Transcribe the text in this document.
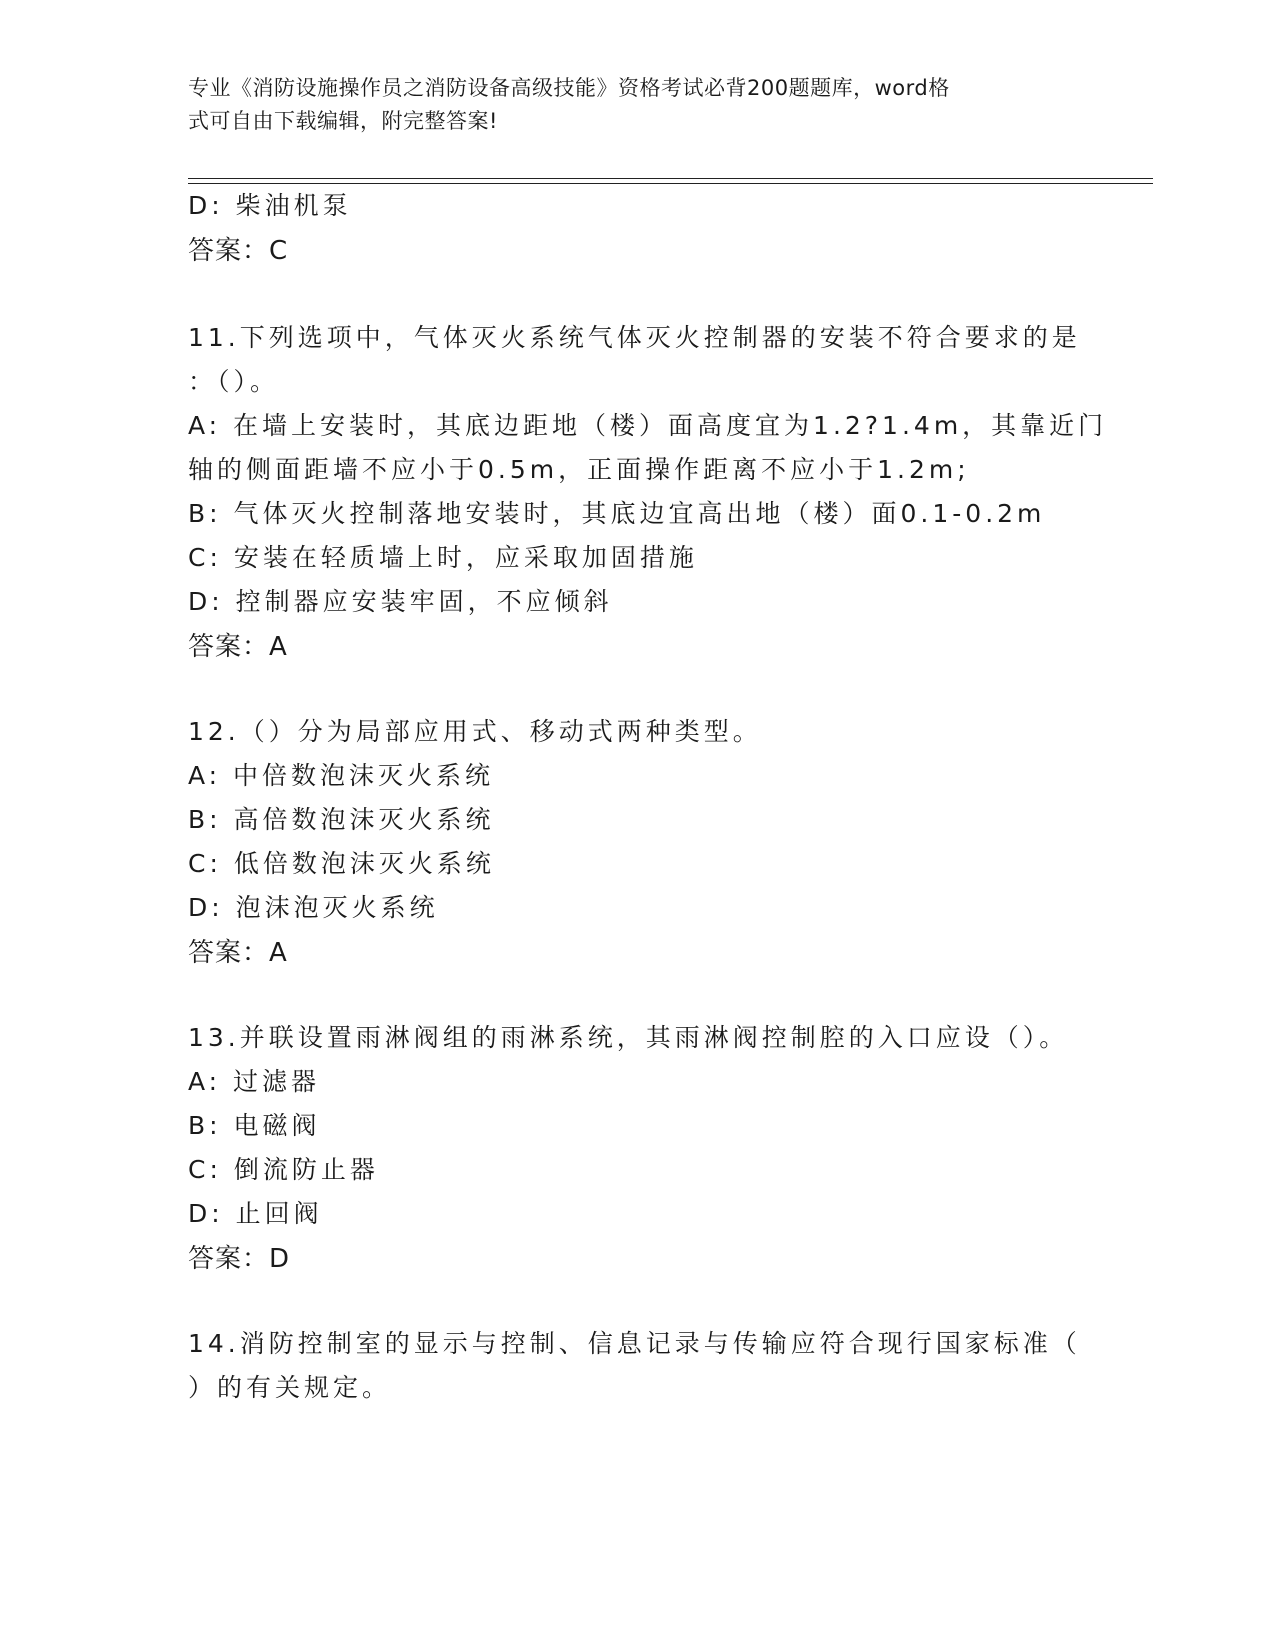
专业《消防设施操作员之消防设备高级技能》资格考试必背200题题库，word格
式可自由下载编辑，附完整答案!
D: 柴油机泵
答案：C
11.下列选项中，气体灭火系统气体灭火控制器的安装不符合要求的是
：（）。
A: 在墙上安装时，其底边距地（楼）面高度宜为1.2?1.4m，其靠近门
轴的侧面距墙不应小于0.5m，正面操作距离不应小于1.2m;
B: 气体灭火控制落地安装时，其底边宜高出地（楼）面0.1-0.2m
C: 安装在轻质墙上时，应采取加固措施
D: 控制器应安装牢固，不应倾斜
答案：A
12.（）分为局部应用式、移动式两种类型。
A: 中倍数泡沫灭火系统
B: 高倍数泡沫灭火系统
C: 低倍数泡沫灭火系统
D: 泡沫泡灭火系统
答案：A
13.并联设置雨淋阀组的雨淋系统，其雨淋阀控制腔的入口应设（）。
A: 过滤器
B: 电磁阀
C: 倒流防止器
D: 止回阀
答案：D
14.消防控制室的显示与控制、信息记录与传输应符合现行国家标准（
）的有关规定。
